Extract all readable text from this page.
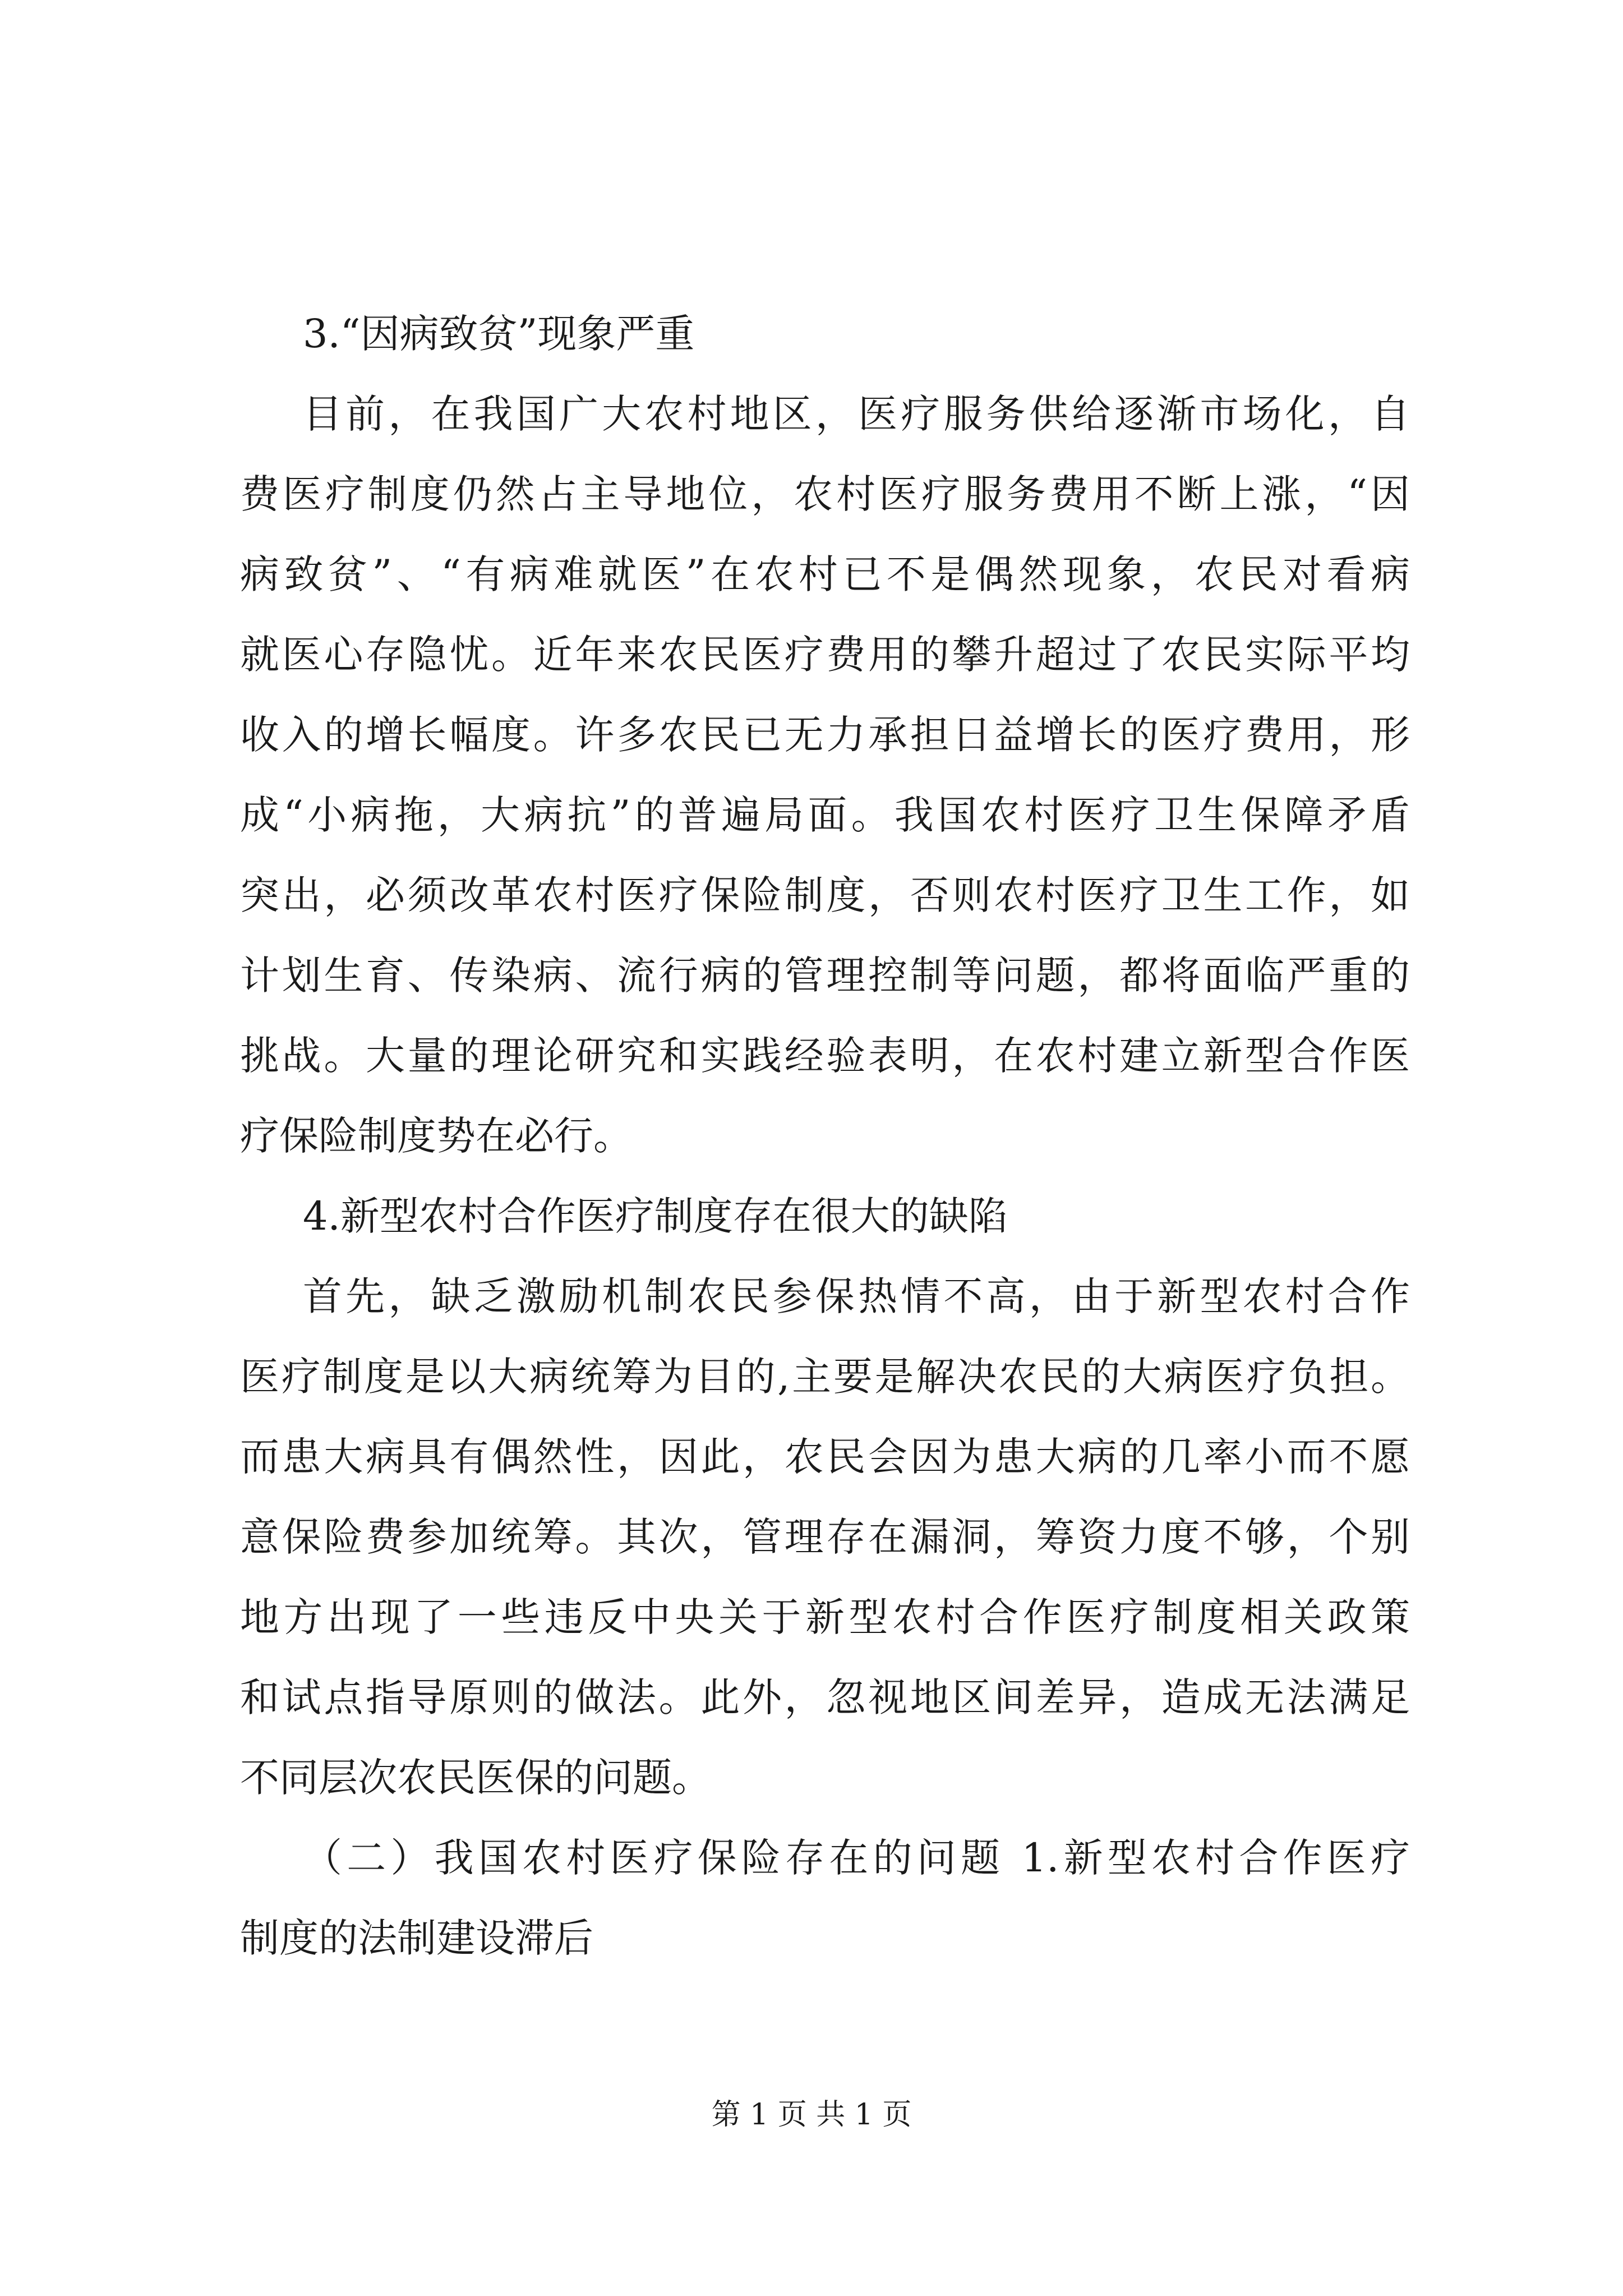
3.“因病致贫”现象严重
目前，在我国广大农村地区，医疗服务供给逐渐市场化，自
费医疗制度仍然占主导地位，农村医疗服务费用不断上涨，“因
病致贫”、“有病难就医”在农村已不是偶然现象，农民对看病
就医心存隐忧。近年来农民医疗费用的攀升超过了农民实际平均
收入的增长幅度。许多农民已无力承担日益增长的医疗费用，形
成“小病拖，大病抗”的普遍局面。我国农村医疗卫生保障矛盾
突出，必须改革农村医疗保险制度，否则农村医疗卫生工作，如
计划生育、传染病、流行病的管理控制等问题，都将面临严重的
挑战。大量的理论研究和实践经验表明，在农村建立新型合作医
疗保险制度势在必行。
4.新型农村合作医疗制度存在很大的缺陷
首先，缺乏激励机制农民参保热情不高，由于新型农村合作
医疗制度是以大病统筹为目的,主要是解决农民的大病医疗负担。
而患大病具有偶然性，因此，农民会因为患大病的几率小而不愿
意保险费参加统筹。其次，管理存在漏洞，筹资力度不够，个别
地方出现了一些违反中央关于新型农村合作医疗制度相关政策
和试点指导原则的做法。此外，忽视地区间差异，造成无法满足
不同层次农民医保的问题。
（二）我国农村医疗保险存在的问题 1.新型农村合作医疗
制度的法制建设滞后
第 1 页 共 1 页
